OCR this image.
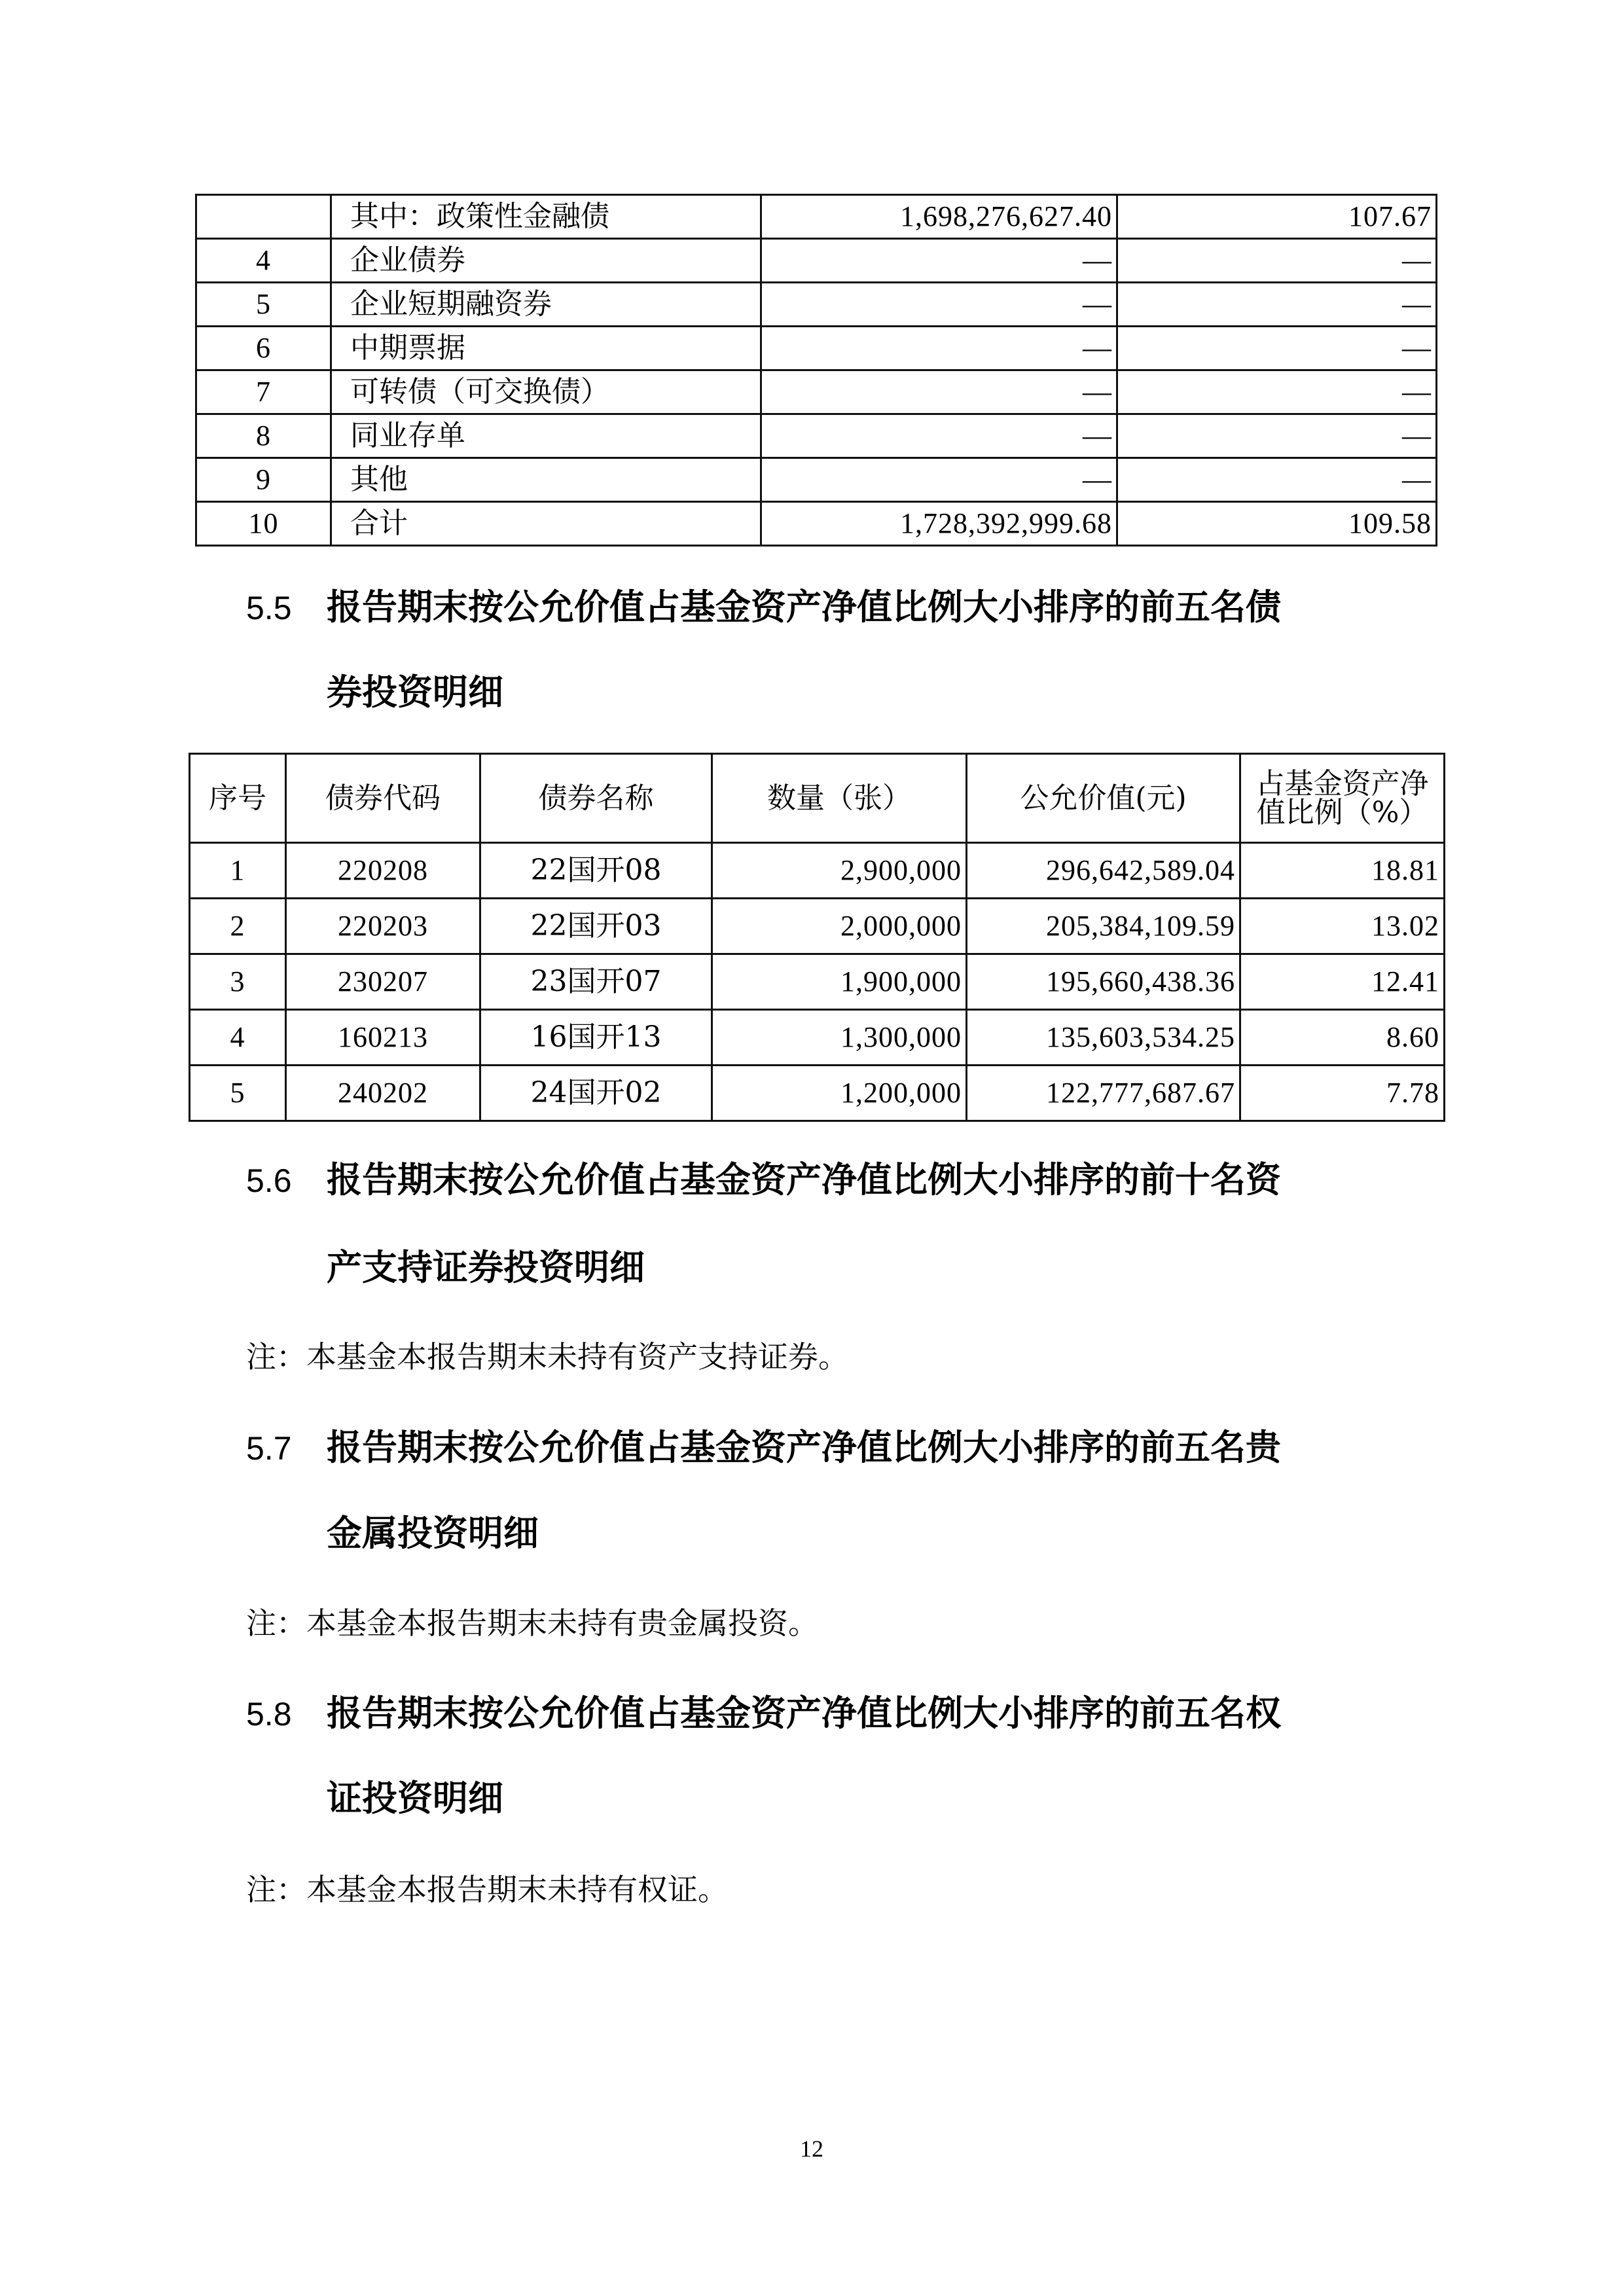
	其中：政策性金融债	1,698,276,627.40	107.67
4	企业债券	—	—
5	企业短期融资券	—	—
6	中期票据	—	—
7	可转债（可交换债）	—	—
8	同业存单	—	—
9	其他	—	—
10	合计	1,728,392,999.68	109.58
5.5 报告期末按公允价值占基金资产净值比例大小排序的前五名债
券投资明细
序号	债券代码	债券名称	数量（张）	公允价值(元)	占基金资产净
值比例（%）
1	220208	22国开08	2,900,000	296,642,589.04	18.81
2	220203	22国开03	2,000,000	205,384,109.59	13.02
3	230207	23国开07	1,900,000	195,660,438.36	12.41
4	160213	16国开13	1,300,000	135,603,534.25	8.60
5	240202	24国开02	1,200,000	122,777,687.67	7.78
5.6 报告期末按公允价值占基金资产净值比例大小排序的前十名资
产支持证券投资明细
注：本基金本报告期末未持有资产支持证券。
5.7 报告期末按公允价值占基金资产净值比例大小排序的前五名贵
金属投资明细
注：本基金本报告期末未持有贵金属投资。
5.8 报告期末按公允价值占基金资产净值比例大小排序的前五名权
证投资明细
注：本基金本报告期末未持有权证。
12
